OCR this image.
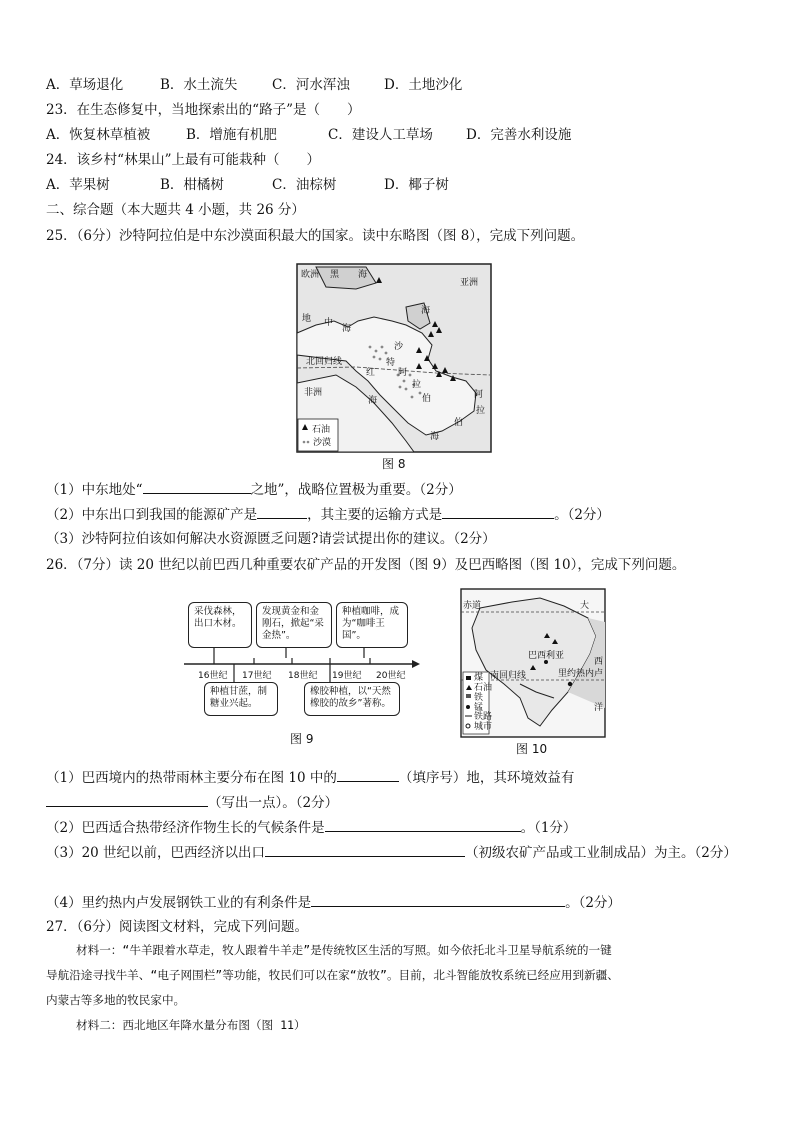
A．草场退化	B．水土流失	C．河水浑浊	D．土地沙化
23．在生态修复中，当地探索出的“路子”是（　　）
A．恢复林草植被	B．增施有机肥	C．建设人工草场 D．完善水利设施
24．该乡村“林果山”上最有可能栽种（　　）
A．苹果树	B．柑橘树	C．油棕树	D．椰子树
二、综合题（本大题共 4 小题，共 26 分）
25．（6分）沙特阿拉伯是中东沙漠面积最大的国家。读中东略图（图 8），完成下列问题。
欧洲 黑 海
亚洲
海
地 中
海
沙
特
阿
拉
伯
红
北回归线
非洲
海
阿
拉
伯
海
石油
沙漠
图 8
（1）中东地处“	之地”，战略位置极为重要。（2分）
（2）中东出口到我国的能源矿产是	，其主要的运输方式是	。（2分）
（3）沙特阿拉伯该如何解决水资源匮乏问题?请尝试提出你的建议。（2分）
26．（7分）读 20 世纪以前巴西几种重要农矿产品的开发图（图 9）及巴西略图（图 10），完成下列问题。
16世纪 17世纪 18世纪 19世纪 20世纪
采伐森林，出口木材。
发现黄金和金刚石，掀起“采金热”。
种植咖啡，成为“咖啡王国”。
种植甘蔗，制糖业兴起。
橡胶种植，以“天然橡胶的故乡”著称。
图 9
赤道	大
西
洋
南回归线	里约热内卢
巴西利亚
煤
石油
铁
锰
铁路
城市
图 10
（1）巴西境内的热带雨林主要分布在图 10 中的	（填序号）地，其环境效益有
（写出一点）。（2分）
（2）巴西适合热带经济作物生长的气候条件是	。（1分）
（3）20 世纪以前，巴西经济以出口	（初级农矿产品或工业制成品）为主。（2分）
（4）里约热内卢发展钢铁工业的有利条件是	。（2分）
27．（6分）阅读图文材料，完成下列问题。
材料一：“牛羊跟着水草走，牧人跟着牛羊走”是传统牧区生活的写照。如今依托北斗卫星导航系统的一键
导航沿途寻找牛羊、“电子网围栏”等功能，牧民们可以在家“放牧”。目前，北斗智能放牧系统已经应用到新疆、
内蒙古等多地的牧民家中。
材料二：西北地区年降水量分布图（图 11）
